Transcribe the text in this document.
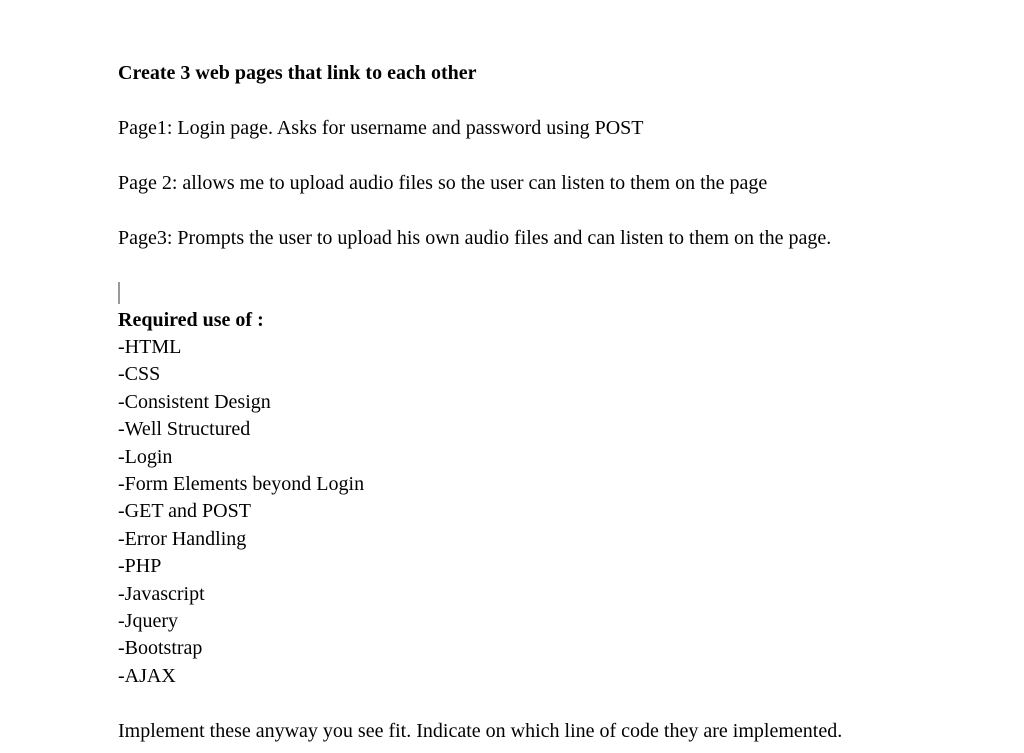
Create 3 web pages that link to each other

Page1: Login page. Asks for username and password using POST

Page 2: allows me to upload audio files so the user can listen to them on the page

Page3: Prompts the user to upload his own audio files and can listen to them on the page.

Required use of :

-HTML
-CSS
-Consistent Design
-Well Structured
-Login
-Form Elements beyond Login
-GET and POST
-Error Handling
-PHP
-Javascript
-Jquery
-Bootstrap
-AJAX

Implement these anyway you see fit. Indicate on which line of code they are implemented.
